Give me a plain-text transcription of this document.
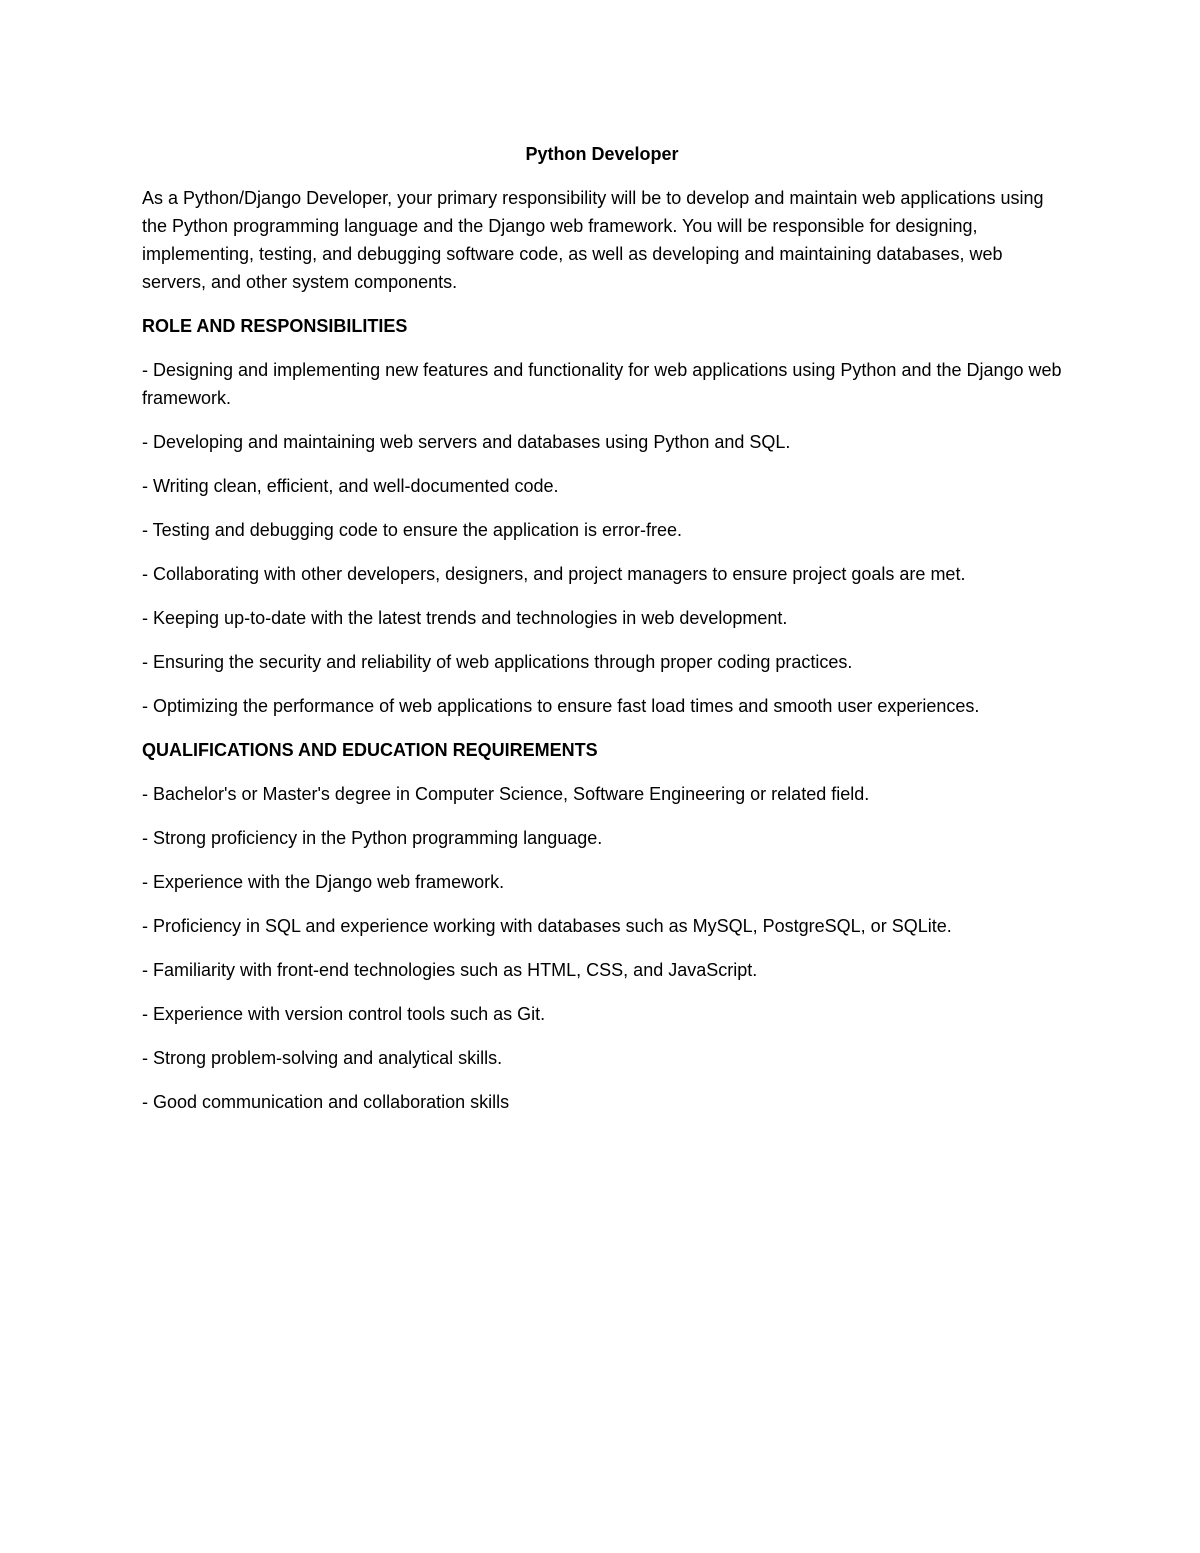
Python Developer

As a Python/Django Developer, your primary responsibility will be to develop and maintain web applications using the Python programming language and the Django web framework. You will be responsible for designing, implementing, testing, and debugging software code, as well as developing and maintaining databases, web servers, and other system components.

ROLE AND RESPONSIBILITIES
- Designing and implementing new features and functionality for web applications using Python and the Django web framework.
- Developing and maintaining web servers and databases using Python and SQL.
- Writing clean, efficient, and well-documented code.
- Testing and debugging code to ensure the application is error-free.
- Collaborating with other developers, designers, and project managers to ensure project goals are met.
- Keeping up-to-date with the latest trends and technologies in web development.
- Ensuring the security and reliability of web applications through proper coding practices.
- Optimizing the performance of web applications to ensure fast load times and smooth user experiences.
QUALIFICATIONS AND EDUCATION REQUIREMENTS
- Bachelor's or Master's degree in Computer Science, Software Engineering or related field.
- Strong proficiency in the Python programming language.
- Experience with the Django web framework.
- Proficiency in SQL and experience working with databases such as MySQL, PostgreSQL, or SQLite.
- Familiarity with front-end technologies such as HTML, CSS, and JavaScript.
- Experience with version control tools such as Git.
- Strong problem-solving and analytical skills.
- Good communication and collaboration skills
